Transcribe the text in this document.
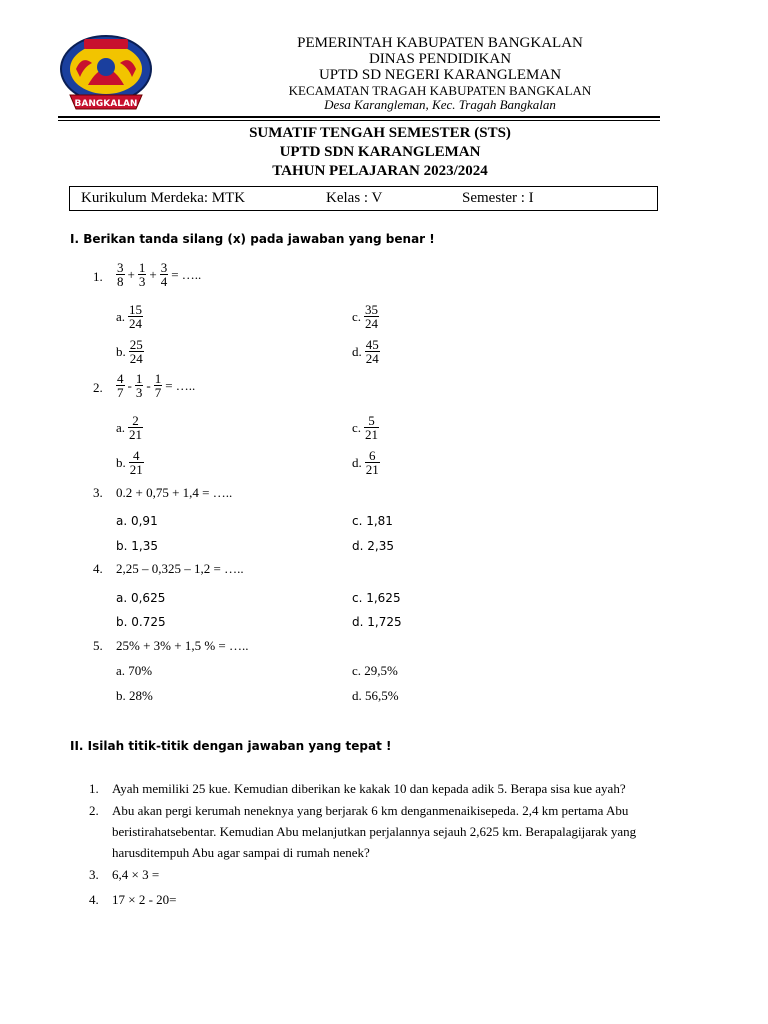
BANGKALAN
PEMERINTAH KABUPATEN BANGKALAN
DINAS PENDIDIKAN
UPTD SD NEGERI KARANGLEMAN
KECAMATAN TRAGAH KABUPATEN BANGKALAN
Desa Karangleman, Kec. Tragah Bangkalan
SUMATIF TENGAH SEMESTER (STS)
UPTD SDN KARANGLEMAN
TAHUN PELAJARAN 2023/2024
Kurikulum Merdeka: MTK	Kelas : V	Semester : I
I. Berikan tanda silang (x) pada jawaban yang benar !
1. $\frac{3}{8} + \frac{1}{3} + \frac{3}{4}$ = …..
a. $\frac{15}{24}$
b. $\frac{25}{24}$
c. $\frac{35}{24}$
d. $\frac{45}{24}$
2. $\frac{4}{7} - \frac{1}{3} - \frac{1}{7}$ = …..
a. $\frac{2}{21}$
b. $\frac{4}{21}$
c. $\frac{5}{21}$
d. $\frac{6}{21}$
3. 0.2 + 0,75 + 1,4 = …..
a. 0,91
b. 1,35
c. 1,81
d. 2,35
4. 2,25 – 0,325 – 1,2 = …..
a. 0,625
b. 0.725
c. 1,625
d. 1,725
5. 25% + 3% + 1,5 % = …..
a. 70%
b. 28%
c. 29,5%
d. 56,5%
II. Isilah titik-titik dengan jawaban yang tepat !
1. Ayah memiliki 25 kue. Kemudian diberikan ke kakak 10 dan kepada adik 5. Berapa sisa kue ayah?
2. Abu akan pergi kerumah neneknya yang berjarak 6 km denganmenaikisepeda. 2,4 km pertama Abu
beristirahatsebentar. Kemudian Abu melanjutkan perjalannya sejauh 2,625 km. Berapalagijarak yang
harusditempuh Abu agar sampai di rumah nenek?
3. 6,4 × 3 =
4. 17 × 2 - 20=
